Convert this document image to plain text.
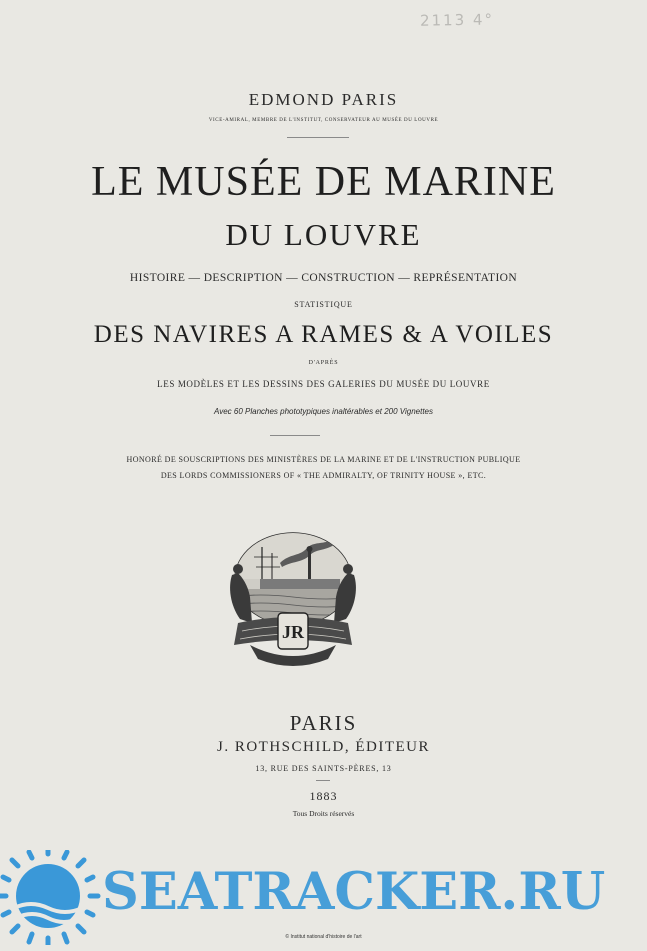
2113 4°
EDMOND PARIS
VICE-AMIRAL, MEMBRE DE L'INSTITUT, CONSERVATEUR AU MUSÉE DU LOUVRE
LE MUSÉE DE MARINE
DU LOUVRE
HISTOIRE — DESCRIPTION — CONSTRUCTION — REPRÉSENTATION
STATISTIQUE
DES NAVIRES A RAMES & A VOILES
D'APRÈS
LES MODÈLES ET LES DESSINS DES GALERIES DU MUSÉE DU LOUVRE
Avec 60 Planches phototypiques inaltérables et 200 Vignettes
HONORÉ DE SOUSCRIPTIONS DES MINISTÈRES DE LA MARINE ET DE L'INSTRUCTION PUBLIQUE
DES LORDS COMMISSIONERS OF « THE ADMIRALTY, OF TRINITY HOUSE », ETC.
JR
PARIS
J. ROTHSCHILD, ÉDITEUR
13, RUE DES SAINTS-PÈRES, 13
1883
Tous Droits réservés
SEATRACKER.RU
© Institut national d'histoire de l'art
